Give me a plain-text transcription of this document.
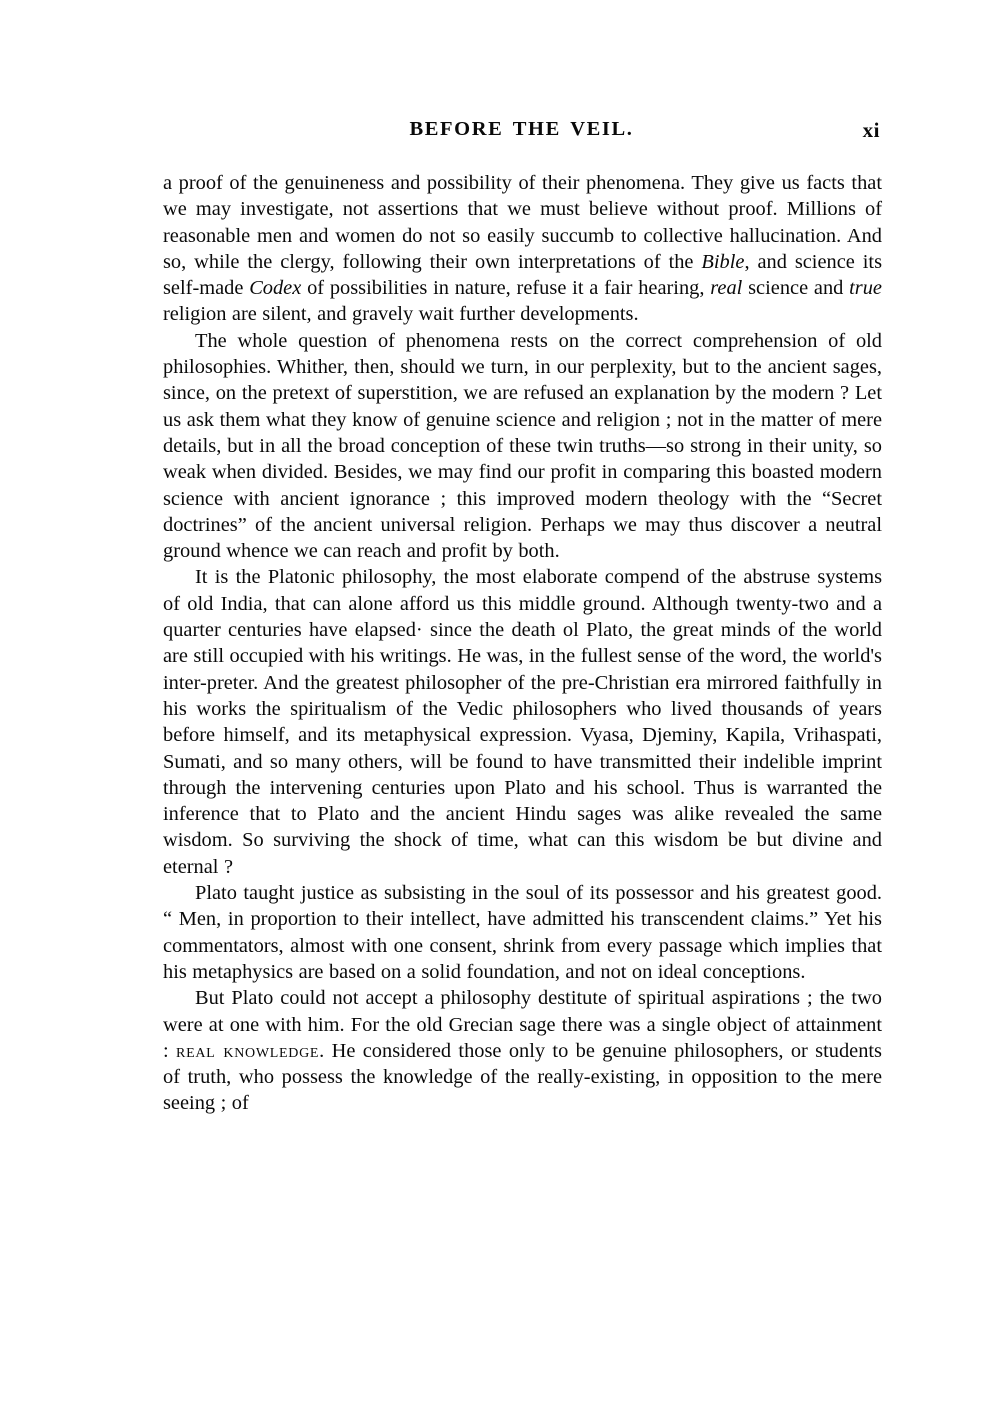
BEFORE THE VEIL.	xi

a proof of the genuineness and possibility of their phenomena. They give us facts that we may investigate, not assertions that we must believe without proof. Millions of reasonable men and women do not so easily succumb to collective hallucination. And so, while the clergy, following their own interpretations of the Bible, and science its self-made Codex of possibilities in nature, refuse it a fair hearing, real science and true religion are silent, and gravely wait further developments.

The whole question of phenomena rests on the correct comprehension of old philosophies. Whither, then, should we turn, in our perplexity, but to the ancient sages, since, on the pretext of superstition, we are refused an explanation by the modern ? Let us ask them what they know of genuine science and religion ; not in the matter of mere details, but in all the broad conception of these twin truths—so strong in their unity, so weak when divided. Besides, we may find our profit in comparing this boasted modern science with ancient ignorance ; this improved modern theology with the “Secret doctrines” of the ancient universal religion. Perhaps we may thus discover a neutral ground whence we can reach and profit by both.

It is the Platonic philosophy, the most elaborate compend of the abstruse systems of old India, that can alone afford us this middle ground. Although twenty-two and a quarter centuries have elapsed· since the death ol Plato, the great minds of the world are still occupied with his writings. He was, in the fullest sense of the word, the world's inter-preter. And the greatest philosopher of the pre-Christian era mirrored faithfully in his works the spiritualism of the Vedic philosophers who lived thousands of years before himself, and its metaphysical expression. Vyasa, Djeminy, Kapila, Vrihaspati, Sumati, and so many others, will be found to have transmitted their indelible imprint through the intervening centuries upon Plato and his school. Thus is warranted the inference that to Plato and the ancient Hindu sages was alike revealed the same wisdom. So surviving the shock of time, what can this wisdom be but divine and eternal ?

Plato taught justice as subsisting in the soul of its possessor and his greatest good. “ Men, in proportion to their intellect, have admitted his transcendent claims.” Yet his commentators, almost with one consent, shrink from every passage which implies that his metaphysics are based on a solid foundation, and not on ideal conceptions.

But Plato could not accept a philosophy destitute of spiritual aspirations ; the two were at one with him. For the old Grecian sage there was a single object of attainment : real knowledge. He considered those only to be genuine philosophers, or students of truth, who possess the knowledge of the really-existing, in opposition to the mere seeing ; of
